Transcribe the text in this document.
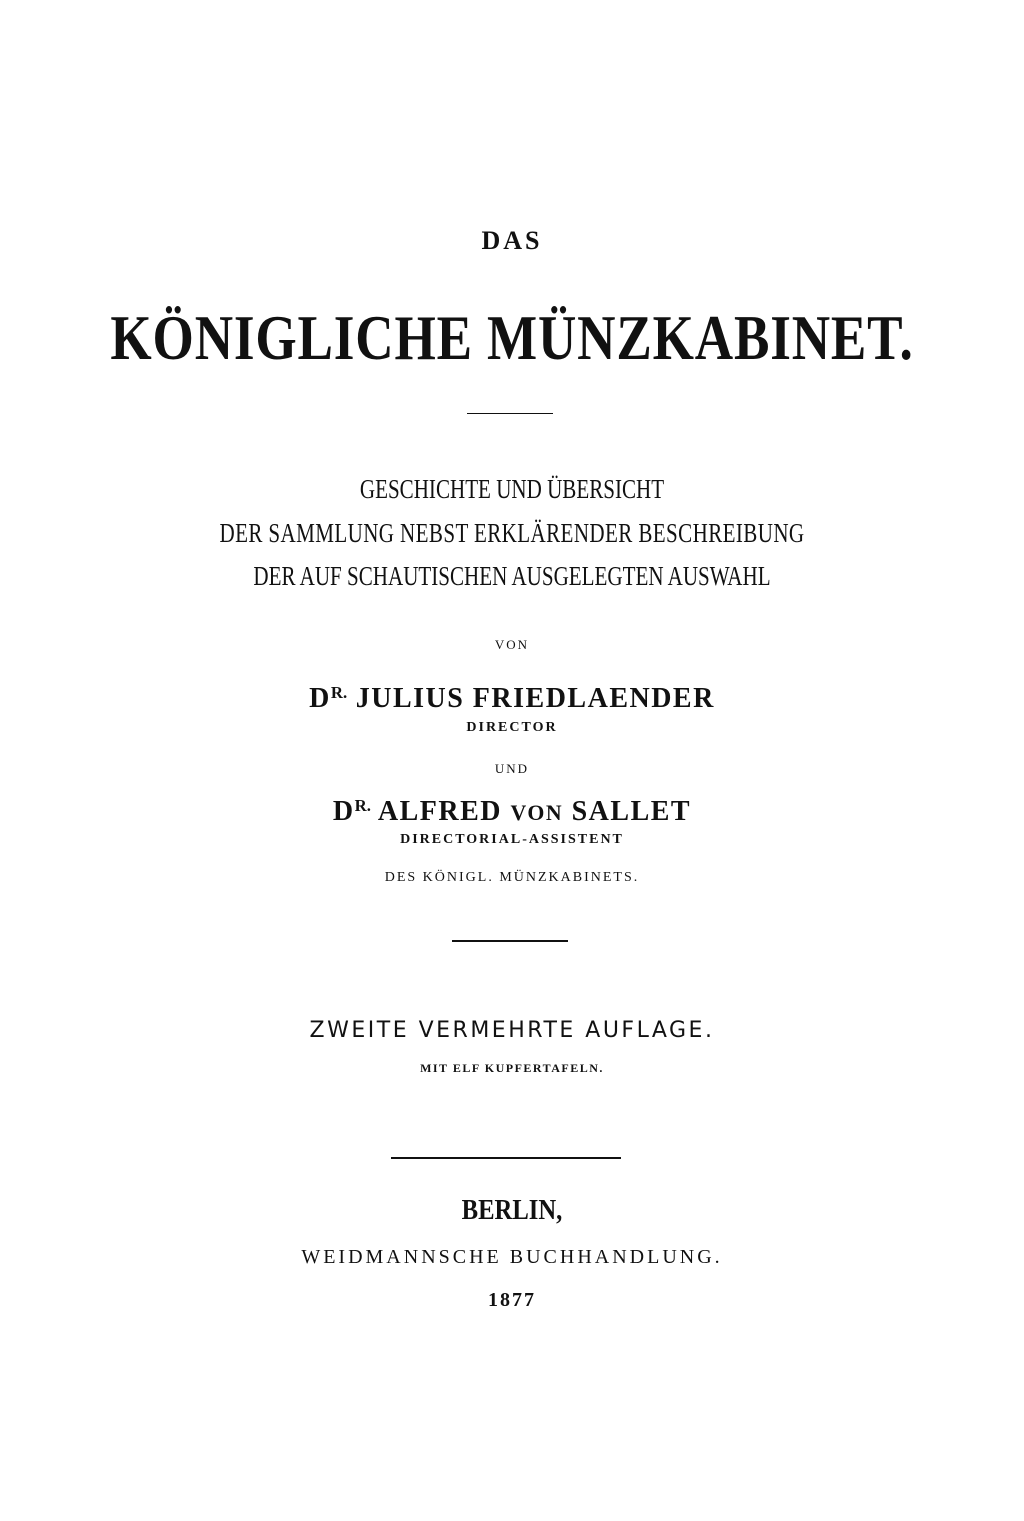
DAS
KÖNIGLICHE MÜNZKABINET.
GESCHICHTE UND ÜBERSICHT
DER SAMMLUNG NEBST ERKLÄRENDER BESCHREIBUNG
DER AUF SCHAUTISCHEN AUSGELEGTEN AUSWAHL
VON
$D^{R.}$ JULIUS FRIEDLAENDER
DIRECTOR
UND
$D^{R.}$ ALFRED VON SALLET
DIRECTORIAL-ASSISTENT
DES KÖNIGL. MÜNZKABINETS.
ZWEITE VERMEHRTE AUFLAGE.
MIT ELF KUPFERTAFELN.
BERLIN,
WEIDMANNSCHE BUCHHANDLUNG.
1877
